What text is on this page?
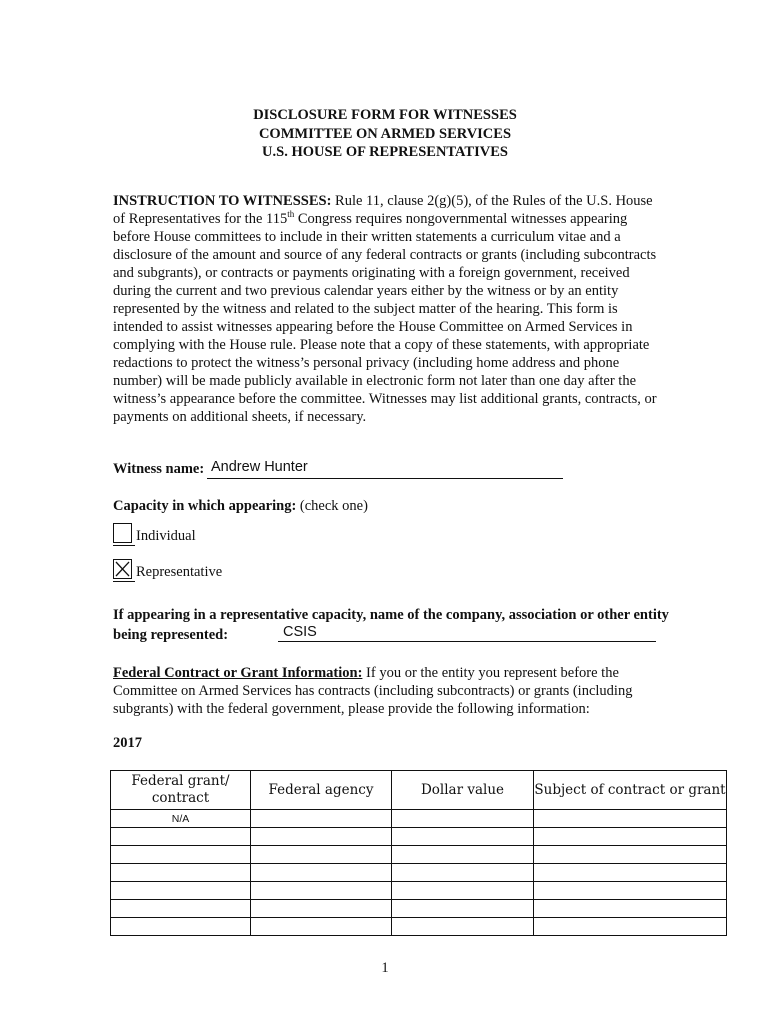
DISCLOSURE FORM FOR WITNESSES
COMMITTEE ON ARMED SERVICES
U.S. HOUSE OF REPRESENTATIVES
INSTRUCTION TO WITNESSES: Rule 11, clause 2(g)(5), of the Rules of the U.S. House of Representatives for the 115th Congress requires nongovernmental witnesses appearing before House committees to include in their written statements a curriculum vitae and a disclosure of the amount and source of any federal contracts or grants (including subcontracts and subgrants), or contracts or payments originating with a foreign government, received during the current and two previous calendar years either by the witness or by an entity represented by the witness and related to the subject matter of the hearing. This form is intended to assist witnesses appearing before the House Committee on Armed Services in complying with the House rule. Please note that a copy of these statements, with appropriate redactions to protect the witness’s personal privacy (including home address and phone number) will be made publicly available in electronic form not later than one day after the witness’s appearance before the committee. Witnesses may list additional grants, contracts, or payments on additional sheets, if necessary.
Witness name: Andrew Hunter
Capacity in which appearing: (check one)
Individual
Representative
If appearing in a representative capacity, name of the company, association or other entity being represented:	CSIS
Federal Contract or Grant Information: If you or the entity you represent before the Committee on Armed Services has contracts (including subcontracts) or grants (including subgrants) with the federal government, please provide the following information:
2017
Federal grant/ contract	Federal agency	Dollar value	Subject of contract or grant
N/A			

1
